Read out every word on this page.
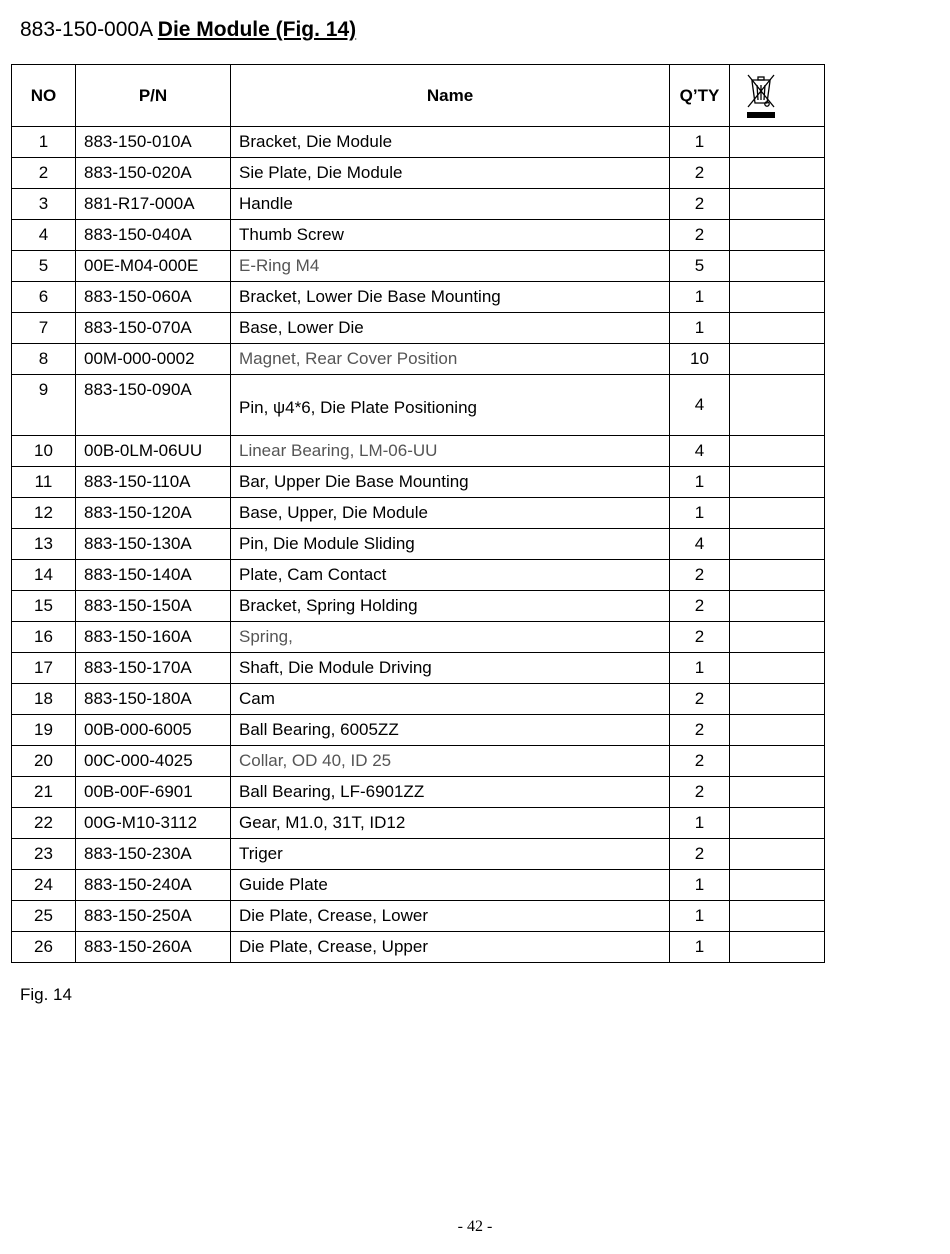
883-150-000A Die Module (Fig. 14)
NO	P/N	Name	Q’TY	

1	883-150-010A	Bracket, Die Module	1	
2	883-150-020A	Sie Plate, Die Module	2	
3	881-R17-000A	Handle	2	
4	883-150-040A	Thumb Screw	2	
5	00E-M04-000E	E-Ring M4	5	
6	883-150-060A	Bracket, Lower Die Base Mounting	1	
7	883-150-070A	Base, Lower Die	1	
8	00M-000-0002	Magnet, Rear Cover Position	10	
9	883-150-090A	Pin, ψ4*6, Die Plate Positioning	4	
10	00B-0LM-06UU	Linear Bearing, LM-06-UU	4	
11	883-150-110A	Bar, Upper Die Base Mounting	1	
12	883-150-120A	Base, Upper, Die Module	1	
13	883-150-130A	Pin, Die Module Sliding	4	
14	883-150-140A	Plate, Cam Contact	2	
15	883-150-150A	Bracket, Spring Holding	2	
16	883-150-160A	Spring,	2	
17	883-150-170A	Shaft, Die Module Driving	1	
18	883-150-180A	Cam	2	
19	00B-000-6005	Ball Bearing, 6005ZZ	2	
20	00C-000-4025	Collar, OD 40, ID 25	2	
21	00B-00F-6901	Ball Bearing, LF-6901ZZ	2	
22	00G-M10-3112	Gear, M1.0, 31T, ID12	1	
23	883-150-230A	Triger	2	
24	883-150-240A	Guide Plate	1	
25	883-150-250A	Die Plate, Crease, Lower	1	
26	883-150-260A	Die Plate, Crease, Upper	1	
Fig. 14
- 42 -
